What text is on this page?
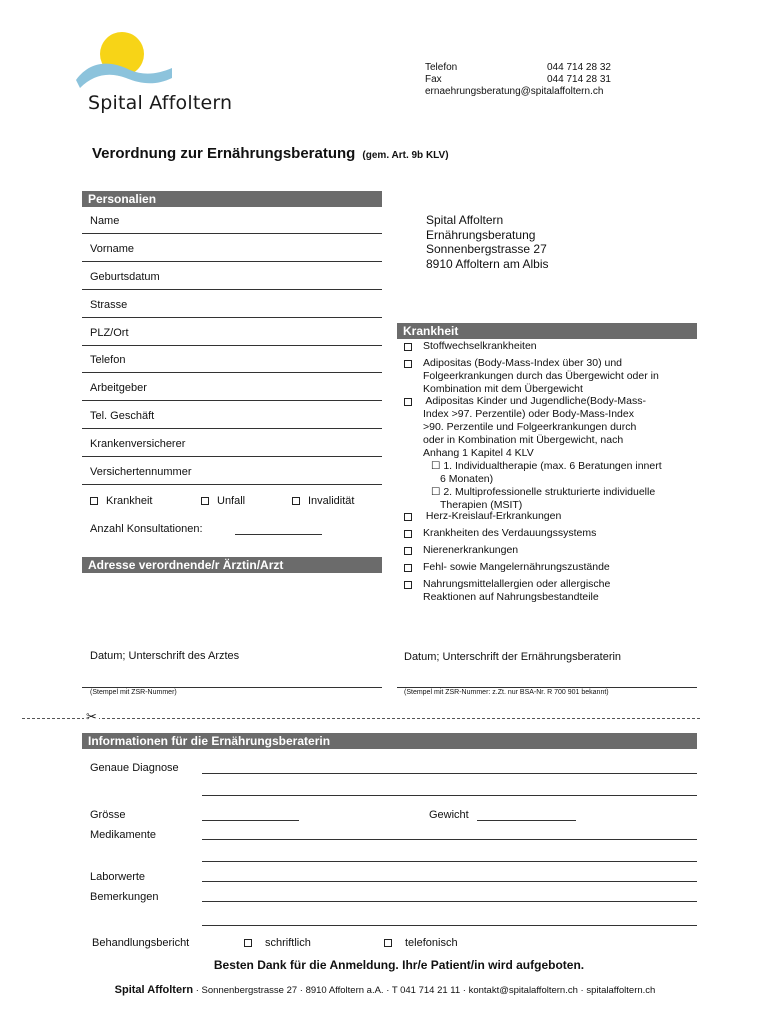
Spital Affoltern
Telefon	044 714 28 32
Fax	044 714 28 31
ernaehrungsberatung@spitalaffoltern.ch
Verordnung zur Ernährungsberatung (gem. Art. 9b KLV)
Personalien
Name
Vorname
Geburtsdatum
Strasse
PLZ/Ort
Telefon
Arbeitgeber
Tel. Geschäft
Krankenversicherer
Versichertennummer
Krankheit	Unfall	Invalidität
Anzahl Konsultationen:
Spital Affoltern
Ernährungsberatung
Sonnenbergstrasse 27
8910 Affoltern am Albis
Krankheit
Stoffwechselkrankheiten
Adipositas (Body-Mass-Index über 30) und
Folgeerkrankungen durch das Übergewicht oder in
Kombination mit dem Übergewicht
Adipositas Kinder und Jugendliche(Body-Mass-
Index >97. Perzentile) oder Body-Mass-Index
>90. Perzentile und Folgeerkrankungen durch
oder in Kombination mit Übergewicht, nach
Anhang 1 Kapitel 4 KLV
☐ 1. Individualtherapie (max. 6 Beratungen innert
6 Monaten)
☐ 2. Multiprofessionelle strukturierte individuelle
Therapien (MSIT)
Herz-Kreislauf-Erkrankungen
Krankheiten des Verdauungssystems
Nierenerkrankungen
Fehl- sowie Mangelernährungszustände
Nahrungsmittelallergien oder allergische
Reaktionen auf Nahrungsbestandteile
Adresse verordnende/r Ärztin/Arzt
Datum; Unterschrift des Arztes
(Stempel mit ZSR-Nummer)
Datum; Unterschrift der Ernährungsberaterin
(Stempel mit ZSR-Nummer: z.Zt. nur BSA-Nr. R 700 901 bekannt)
✂
Informationen für die Ernährungsberaterin
Genaue Diagnose
Grösse	Gewicht
Medikamente
Laborwerte
Bemerkungen
Behandlungsbericht	schriftlich	telefonisch
Besten Dank für die Anmeldung. Ihr/e Patient/in wird aufgeboten.
Spital Affoltern · Sonnenbergstrasse 27 · 8910 Affoltern a.A. · T 041 714 21 11 · kontakt@spitalaffoltern.ch · spitalaffoltern.ch
